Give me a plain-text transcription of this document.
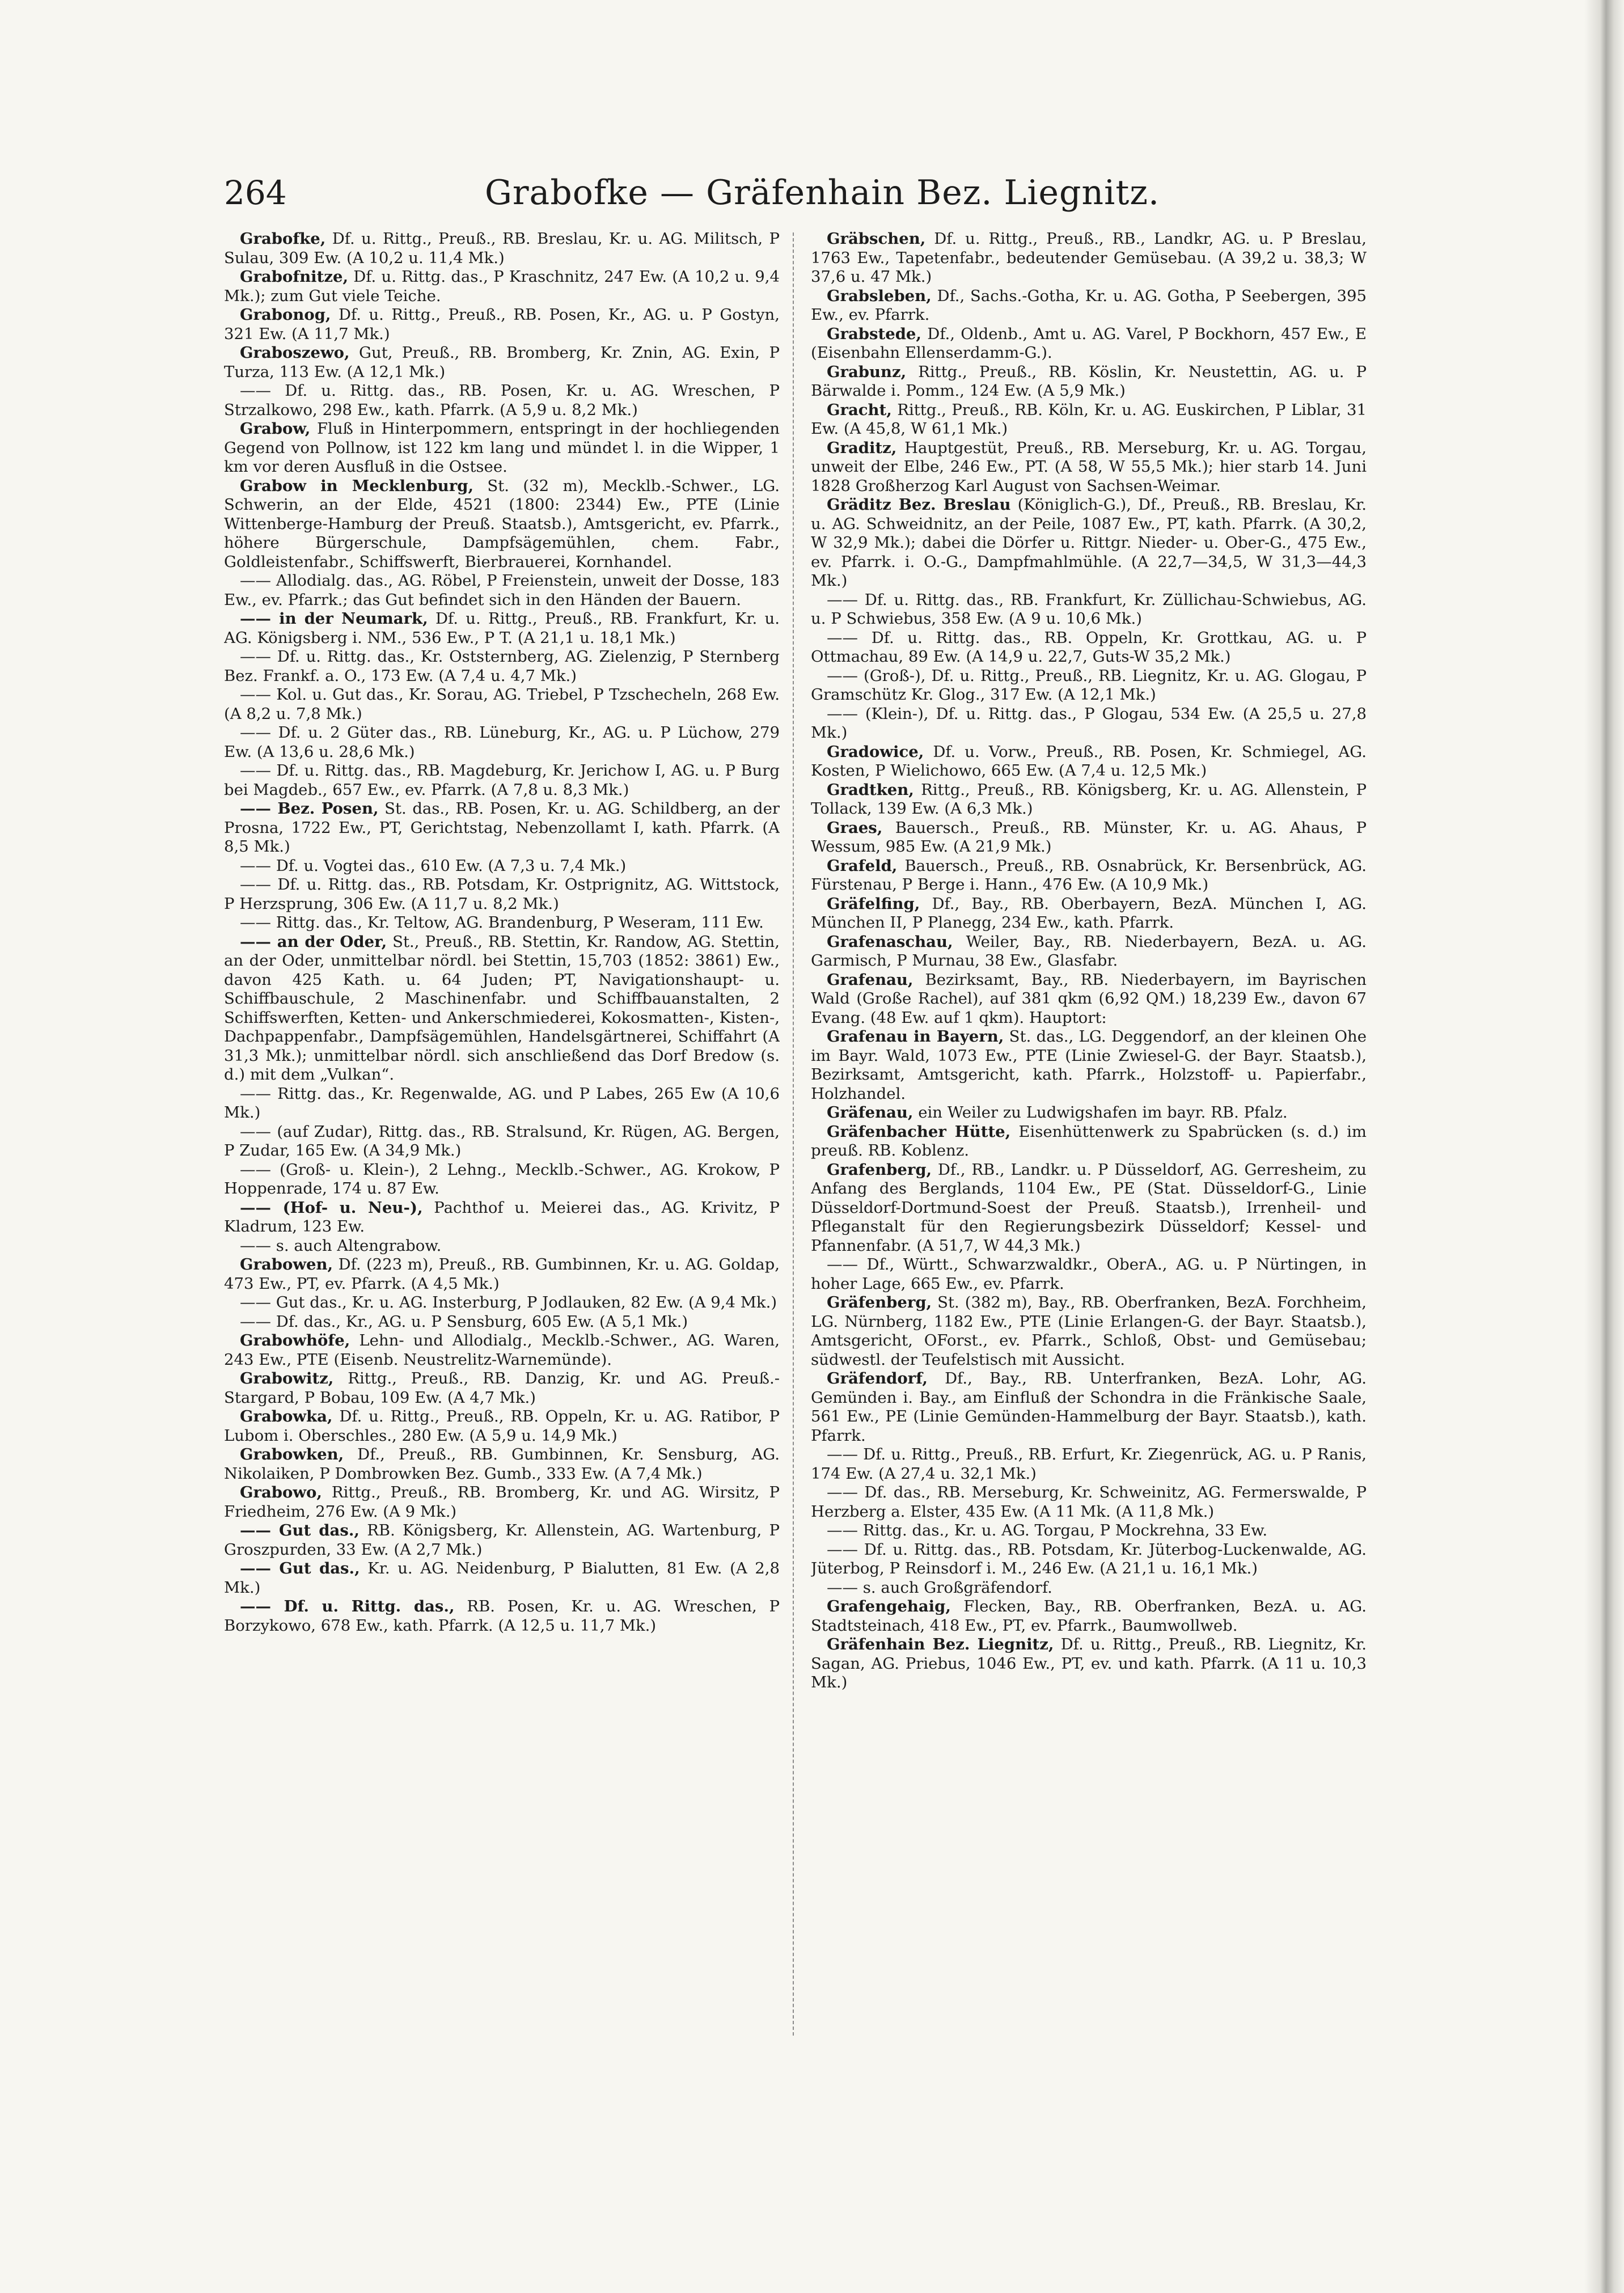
264	Grabofke — Gräfenhain Bez. Liegnitz.

Grabofke, Df. u. Rittg., Preuß., RB. Breslau, Kr. u. AG. Militsch, P Sulau, 309 Ew. (A 10,2 u. 11,4 Mk.)

Grabofnitze, Df. u. Rittg. das., P Kraschnitz, 247 Ew. (A 10,2 u. 9,4 Mk.); zum Gut viele Teiche.

Grabonog, Df. u. Rittg., Preuß., RB. Posen, Kr., AG. u. P Gostyn, 321 Ew. (A 11,7 Mk.)

Graboszewo, Gut, Preuß., RB. Bromberg, Kr. Znin, AG. Exin, P Turza, 113 Ew. (A 12,1 Mk.)

—— Df. u. Rittg. das., RB. Posen, Kr. u. AG. Wreschen, P Strzalkowo, 298 Ew., kath. Pfarrk. (A 5,9 u. 8,2 Mk.)

Grabow, Fluß in Hinterpommern, entspringt in der hochliegenden Gegend von Pollnow, ist 122 km lang und mündet l. in die Wipper, 1 km vor deren Ausfluß in die Ostsee.

Grabow in Mecklenburg, St. (32 m), Mecklb.-Schwer., LG. Schwerin, an der Elde, 4521 (1800: 2344) Ew., PTE (Linie Wittenberge-Hamburg der Preuß. Staatsb.), Amtsgericht, ev. Pfarrk., höhere Bürgerschule, Dampfsägemühlen, chem. Fabr., Goldleistenfabr., Schiffswerft, Bierbrauerei, Kornhandel.

—— Allodialg. das., AG. Röbel, P Freienstein, unweit der Dosse, 183 Ew., ev. Pfarrk.; das Gut befindet sich in den Händen der Bauern.

—— in der Neumark, Df. u. Rittg., Preuß., RB. Frankfurt, Kr. u. AG. Königsberg i. NM., 536 Ew., P T. (A 21,1 u. 18,1 Mk.)

—— Df. u. Rittg. das., Kr. Oststernberg, AG. Zielenzig, P Sternberg Bez. Frankf. a. O., 173 Ew. (A 7,4 u. 4,7 Mk.)

—— Kol. u. Gut das., Kr. Sorau, AG. Triebel, P Tzschecheln, 268 Ew. (A 8,2 u. 7,8 Mk.)

—— Df. u. 2 Güter das., RB. Lüneburg, Kr., AG. u. P Lüchow, 279 Ew. (A 13,6 u. 28,6 Mk.)

—— Df. u. Rittg. das., RB. Magdeburg, Kr. Jerichow I, AG. u. P Burg bei Magdeb., 657 Ew., ev. Pfarrk. (A 7,8 u. 8,3 Mk.)

—— Bez. Posen, St. das., RB. Posen, Kr. u. AG. Schildberg, an der Prosna, 1722 Ew., PT, Gerichtstag, Nebenzollamt I, kath. Pfarrk. (A 8,5 Mk.)

—— Df. u. Vogtei das., 610 Ew. (A 7,3 u. 7,4 Mk.)

—— Df. u. Rittg. das., RB. Potsdam, Kr. Ostprignitz, AG. Wittstock, P Herzsprung, 306 Ew. (A 11,7 u. 8,2 Mk.)

—— Rittg. das., Kr. Teltow, AG. Brandenburg, P Weseram, 111 Ew.

—— an der Oder, St., Preuß., RB. Stettin, Kr. Randow, AG. Stettin, an der Oder, unmittelbar nördl. bei Stettin, 15,703 (1852: 3861) Ew., davon 425 Kath. u. 64 Juden; PT, Navigationshaupt- u. Schiffbauschule, 2 Maschinenfabr. und Schiffbauanstalten, 2 Schiffswerften, Ketten- und Ankerschmiederei, Kokosmatten-, Kisten-, Dachpappenfabr., Dampfsägemühlen, Handelsgärtnerei, Schiffahrt (A 31,3 Mk.); unmittelbar nördl. sich anschließend das Dorf Bredow (s. d.) mit dem „Vulkan“.

—— Rittg. das., Kr. Regenwalde, AG. und P Labes, 265 Ew (A 10,6 Mk.)

—— (auf Zudar), Rittg. das., RB. Stralsund, Kr. Rügen, AG. Bergen, P Zudar, 165 Ew. (A 34,9 Mk.)

—— (Groß- u. Klein-), 2 Lehng., Mecklb.-Schwer., AG. Krokow, P Hoppenrade, 174 u. 87 Ew.

—— (Hof- u. Neu-), Pachthof u. Meierei das., AG. Krivitz, P Kladrum, 123 Ew.

—— s. auch Altengrabow.

Grabowen, Df. (223 m), Preuß., RB. Gumbinnen, Kr. u. AG. Goldap, 473 Ew., PT, ev. Pfarrk. (A 4,5 Mk.)

—— Gut das., Kr. u. AG. Insterburg, P Jodlauken, 82 Ew. (A 9,4 Mk.)

—— Df. das., Kr., AG. u. P Sensburg, 605 Ew. (A 5,1 Mk.)

Grabowhöfe, Lehn- und Allodialg., Mecklb.-Schwer., AG. Waren, 243 Ew., PTE (Eisenb. Neustrelitz-Warnemünde).

Grabowitz, Rittg., Preuß., RB. Danzig, Kr. und AG. Preuß.-Stargard, P Bobau, 109 Ew. (A 4,7 Mk.)

Grabowka, Df. u. Rittg., Preuß., RB. Oppeln, Kr. u. AG. Ratibor, P Lubom i. Oberschles., 280 Ew. (A 5,9 u. 14,9 Mk.)

Grabowken, Df., Preuß., RB. Gumbinnen, Kr. Sensburg, AG. Nikolaiken, P Dombrowken Bez. Gumb., 333 Ew. (A 7,4 Mk.)

Grabowo, Rittg., Preuß., RB. Bromberg, Kr. und AG. Wirsitz, P Friedheim, 276 Ew. (A 9 Mk.)

—— Gut das., RB. Königsberg, Kr. Allenstein, AG. Wartenburg, P Groszpurden, 33 Ew. (A 2,7 Mk.)

—— Gut das., Kr. u. AG. Neidenburg, P Bialutten, 81 Ew. (A 2,8 Mk.)

—— Df. u. Rittg. das., RB. Posen, Kr. u. AG. Wreschen, P Borzykowo, 678 Ew., kath. Pfarrk. (A 12,5 u. 11,7 Mk.)

Gräbschen, Df. u. Rittg., Preuß., RB., Landkr, AG. u. P Breslau, 1763 Ew., Tapetenfabr., bedeutender Gemüsebau. (A 39,2 u. 38,3; W 37,6 u. 47 Mk.)

Grabsleben, Df., Sachs.-Gotha, Kr. u. AG. Gotha, P Seebergen, 395 Ew., ev. Pfarrk.

Grabstede, Df., Oldenb., Amt u. AG. Varel, P Bockhorn, 457 Ew., E (Eisenbahn Ellenserdamm-G.).

Grabunz, Rittg., Preuß., RB. Köslin, Kr. Neustettin, AG. u. P Bärwalde i. Pomm., 124 Ew. (A 5,9 Mk.)

Gracht, Rittg., Preuß., RB. Köln, Kr. u. AG. Euskirchen, P Liblar, 31 Ew. (A 45,8, W 61,1 Mk.)

Graditz, Hauptgestüt, Preuß., RB. Merseburg, Kr. u. AG. Torgau, unweit der Elbe, 246 Ew., PT. (A 58, W 55,5 Mk.); hier starb 14. Juni 1828 Großherzog Karl August von Sachsen-Weimar.

Gräditz Bez. Breslau (Königlich-G.), Df., Preuß., RB. Breslau, Kr. u. AG. Schweidnitz, an der Peile, 1087 Ew., PT, kath. Pfarrk. (A 30,2, W 32,9 Mk.); dabei die Dörfer u. Rittgr. Nieder- u. Ober-G., 475 Ew., ev. Pfarrk. i. O.-G., Dampfmahlmühle. (A 22,7—34,5, W 31,3—44,3 Mk.)

—— Df. u. Rittg. das., RB. Frankfurt, Kr. Züllichau-Schwiebus, AG. u. P Schwiebus, 358 Ew. (A 9 u. 10,6 Mk.)

—— Df. u. Rittg. das., RB. Oppeln, Kr. Grottkau, AG. u. P Ottmachau, 89 Ew. (A 14,9 u. 22,7, Guts-W 35,2 Mk.)

—— (Groß-), Df. u. Rittg., Preuß., RB. Liegnitz, Kr. u. AG. Glogau, P Gramschütz Kr. Glog., 317 Ew. (A 12,1 Mk.)

—— (Klein-), Df. u. Rittg. das., P Glogau, 534 Ew. (A 25,5 u. 27,8 Mk.)

Gradowice, Df. u. Vorw., Preuß., RB. Posen, Kr. Schmiegel, AG. Kosten, P Wielichowo, 665 Ew. (A 7,4 u. 12,5 Mk.)

Gradtken, Rittg., Preuß., RB. Königsberg, Kr. u. AG. Allenstein, P Tollack, 139 Ew. (A 6,3 Mk.)

Graes, Bauersch., Preuß., RB. Münster, Kr. u. AG. Ahaus, P Wessum, 985 Ew. (A 21,9 Mk.)

Grafeld, Bauersch., Preuß., RB. Osnabrück, Kr. Bersenbrück, AG. Fürstenau, P Berge i. Hann., 476 Ew. (A 10,9 Mk.)

Gräfelfing, Df., Bay., RB. Oberbayern, BezA. München I, AG. München II, P Planegg, 234 Ew., kath. Pfarrk.

Grafenaschau, Weiler, Bay., RB. Niederbayern, BezA. u. AG. Garmisch, P Murnau, 38 Ew., Glasfabr.

Grafenau, Bezirksamt, Bay., RB. Niederbayern, im Bayrischen Wald (Große Rachel), auf 381 qkm (6,92 QM.) 18,239 Ew., davon 67 Evang. (48 Ew. auf 1 qkm). Hauptort:

Grafenau in Bayern, St. das., LG. Deggendorf, an der kleinen Ohe im Bayr. Wald, 1073 Ew., PTE (Linie Zwiesel-G. der Bayr. Staatsb.), Bezirksamt, Amtsgericht, kath. Pfarrk., Holzstoff- u. Papierfabr., Holzhandel.

Gräfenau, ein Weiler zu Ludwigshafen im bayr. RB. Pfalz.

Gräfenbacher Hütte, Eisenhüttenwerk zu Spabrücken (s. d.) im preuß. RB. Koblenz.

Grafenberg, Df., RB., Landkr. u. P Düsseldorf, AG. Gerresheim, zu Anfang des Berglands, 1104 Ew., PE (Stat. Düsseldorf-G., Linie Düsseldorf-Dortmund-Soest der Preuß. Staatsb.), Irrenheil- und Pfleganstalt für den Regierungsbezirk Düsseldorf; Kessel- und Pfannenfabr. (A 51,7, W 44,3 Mk.)

—— Df., Württ., Schwarzwaldkr., OberA., AG. u. P Nürtingen, in hoher Lage, 665 Ew., ev. Pfarrk.

Gräfenberg, St. (382 m), Bay., RB. Oberfranken, BezA. Forchheim, LG. Nürnberg, 1182 Ew., PTE (Linie Erlangen-G. der Bayr. Staatsb.), Amtsgericht, OForst., ev. Pfarrk., Schloß, Obst- und Gemüsebau; südwestl. der Teufelstisch mit Aussicht.

Gräfendorf, Df., Bay., RB. Unterfranken, BezA. Lohr, AG. Gemünden i. Bay., am Einfluß der Schondra in die Fränkische Saale, 561 Ew., PE (Linie Gemünden-Hammelburg der Bayr. Staatsb.), kath. Pfarrk.

—— Df. u. Rittg., Preuß., RB. Erfurt, Kr. Ziegenrück, AG. u. P Ranis, 174 Ew. (A 27,4 u. 32,1 Mk.)

—— Df. das., RB. Merseburg, Kr. Schweinitz, AG. Fermerswalde, P Herzberg a. Elster, 435 Ew. (A 11 Mk. (A 11,8 Mk.)

—— Rittg. das., Kr. u. AG. Torgau, P Mockrehna, 33 Ew.

—— Df. u. Rittg. das., RB. Potsdam, Kr. Jüterbog-Luckenwalde, AG. Jüterbog, P Reinsdorf i. M., 246 Ew. (A 21,1 u. 16,1 Mk.)

—— s. auch Großgräfendorf.

Grafengehaig, Flecken, Bay., RB. Oberfranken, BezA. u. AG. Stadtsteinach, 418 Ew., PT, ev. Pfarrk., Baumwollweb.

Gräfenhain Bez. Liegnitz, Df. u. Rittg., Preuß., RB. Liegnitz, Kr. Sagan, AG. Priebus, 1046 Ew., PT, ev. und kath. Pfarrk. (A 11 u. 10,3 Mk.)
